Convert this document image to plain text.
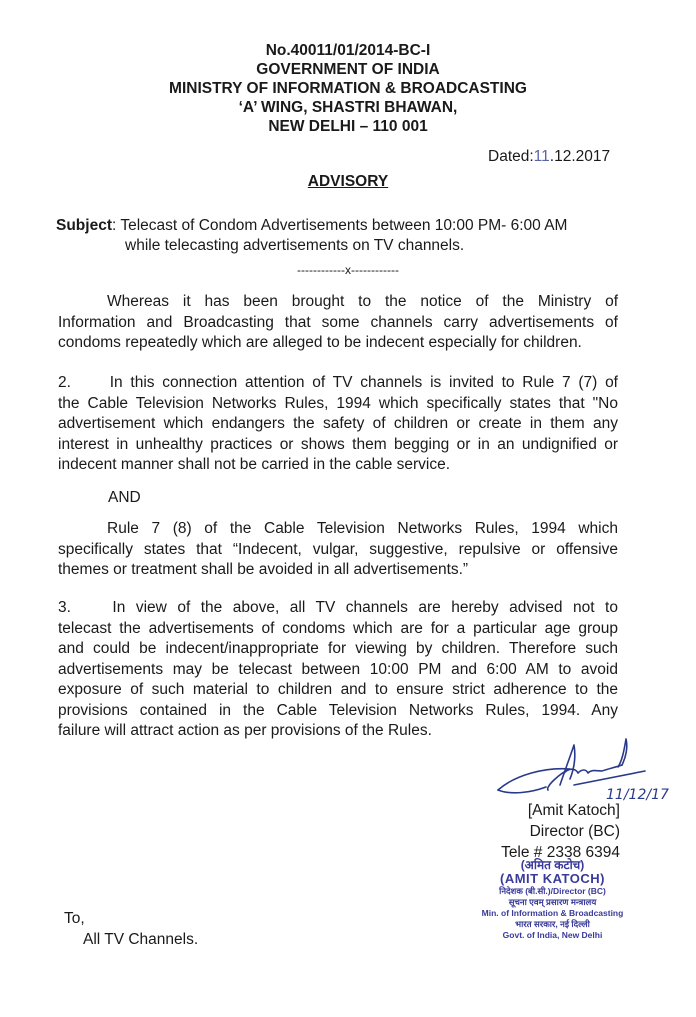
No.40011/01/2014-BC-I
GOVERNMENT OF INDIA
MINISTRY OF INFORMATION & BROADCASTING
‘A’ WING, SHASTRI BHAWAN,
NEW DELHI – 110 001
Dated:11.12.2017
ADVISORY
Subject: Telecast of Condom Advertisements between 10:00 PM- 6:00 AM
while telecasting advertisements on TV channels.
------------x------------
Whereas it has been brought to the notice of the Ministry of
Information and Broadcasting that some channels carry advertisements of
condoms repeatedly which are alleged to be indecent especially for children.
2.   In this connection attention of TV channels is invited to Rule 7 (7) of
the Cable Television Networks Rules, 1994 which specifically states that "No
advertisement which endangers the safety of children or create in them any
interest in unhealthy practices or shows them begging or in an undignified or
indecent manner shall not be carried in the cable service.
AND
Rule 7 (8) of the Cable Television Networks Rules, 1994 which
specifically states that “Indecent, vulgar, suggestive, repulsive or offensive
themes or treatment shall be avoided in all advertisements.”
3.   In view of the above, all TV channels are hereby advised not to
telecast the advertisements of condoms which are for a particular age group
and could be indecent/inappropriate for viewing by children. Therefore such
advertisements may be telecast between 10:00 PM and 6:00 AM to avoid
exposure of such material to children and to ensure strict adherence to the
provisions contained in the Cable Television Networks Rules, 1994. Any
failure will attract action as per provisions of the Rules.
11/12/17
[Amit Katoch]
Director (BC)
Tele # 2338 6394
(अमित कटोच)
(AMIT KATOCH)
निदेशक (बी.सी.)/Director (BC)
सूचना एवम् प्रसारण मन्त्रालय
Min. of Information & Broadcasting
भारत सरकार, नई दिल्ली
Govt. of India, New Delhi
To,
All TV Channels.
